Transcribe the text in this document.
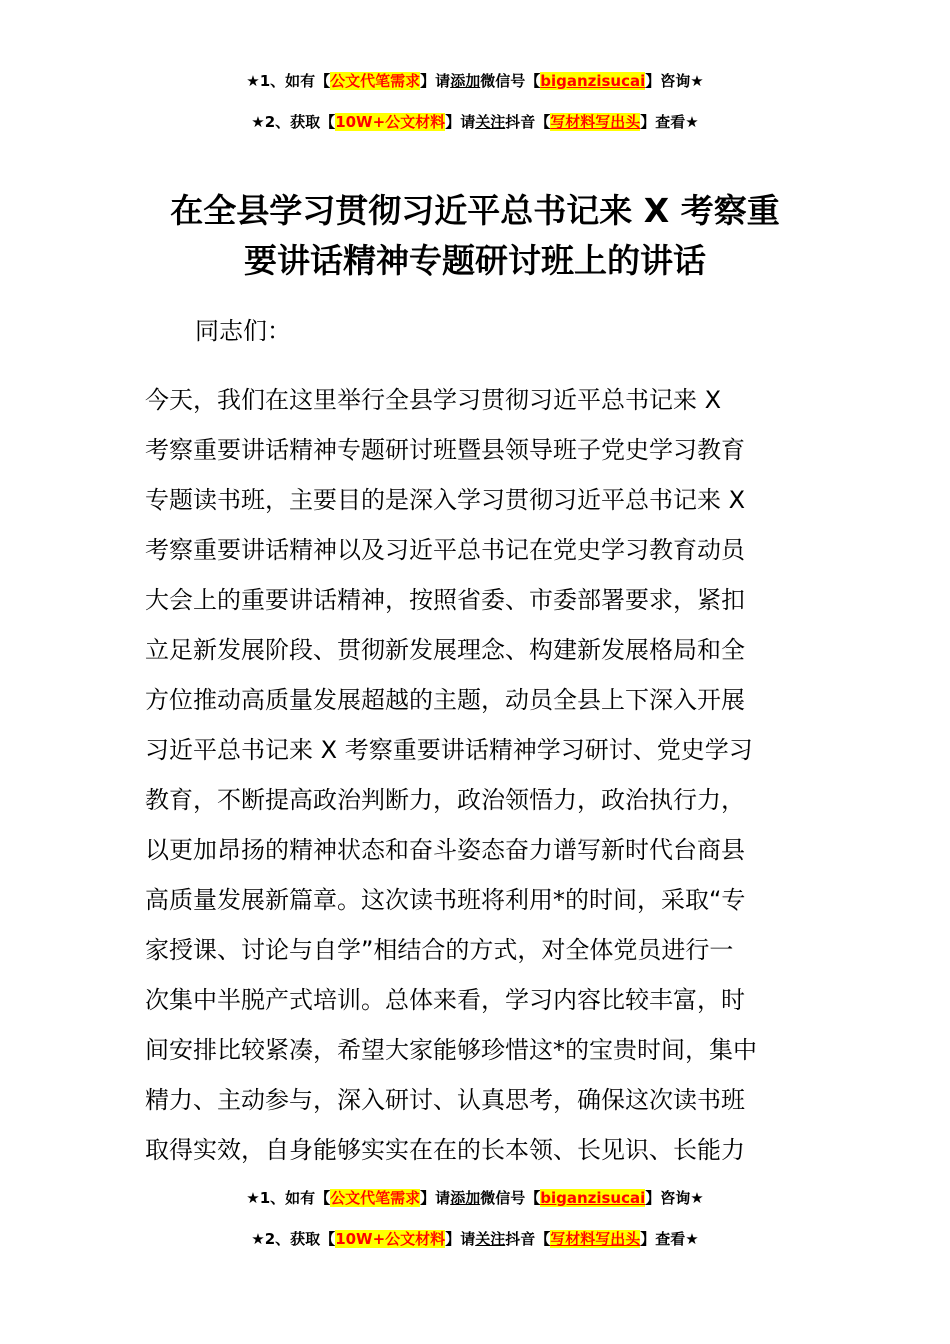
★1、如有【公文代笔需求】请添加微信号【biganzisucai】咨询★
★2、获取【10W+公文材料】请关注抖音【写材料写出头】查看★
在全县学习贯彻习近平总书记来 X 考察重
要讲话精神专题研讨班上的讲话
同志们：
今天，我们在这里举行全县学习贯彻习近平总书记来 X
考察重要讲话精神专题研讨班暨县领导班子党史学习教育
专题读书班，主要目的是深入学习贯彻习近平总书记来 X
考察重要讲话精神以及习近平总书记在党史学习教育动员
大会上的重要讲话精神，按照省委、市委部署要求，紧扣
立足新发展阶段、贯彻新发展理念、构建新发展格局和全
方位推动高质量发展超越的主题，动员全县上下深入开展
习近平总书记来 X 考察重要讲话精神学习研讨、党史学习
教育，不断提高政治判断力，政治领悟力，政治执行力，
以更加昂扬的精神状态和奋斗姿态奋力谱写新时代台商县
高质量发展新篇章。这次读书班将利用*的时间，采取“专
家授课、讨论与自学”相结合的方式，对全体党员进行一
次集中半脱产式培训。总体来看，学习内容比较丰富，时
间安排比较紧凑，希望大家能够珍惜这*的宝贵时间，集中
精力、主动参与，深入研讨、认真思考，确保这次读书班
取得实效，自身能够实实在在的长本领、长见识、长能力
★1、如有【公文代笔需求】请添加微信号【biganzisucai】咨询★
★2、获取【10W+公文材料】请关注抖音【写材料写出头】查看★
